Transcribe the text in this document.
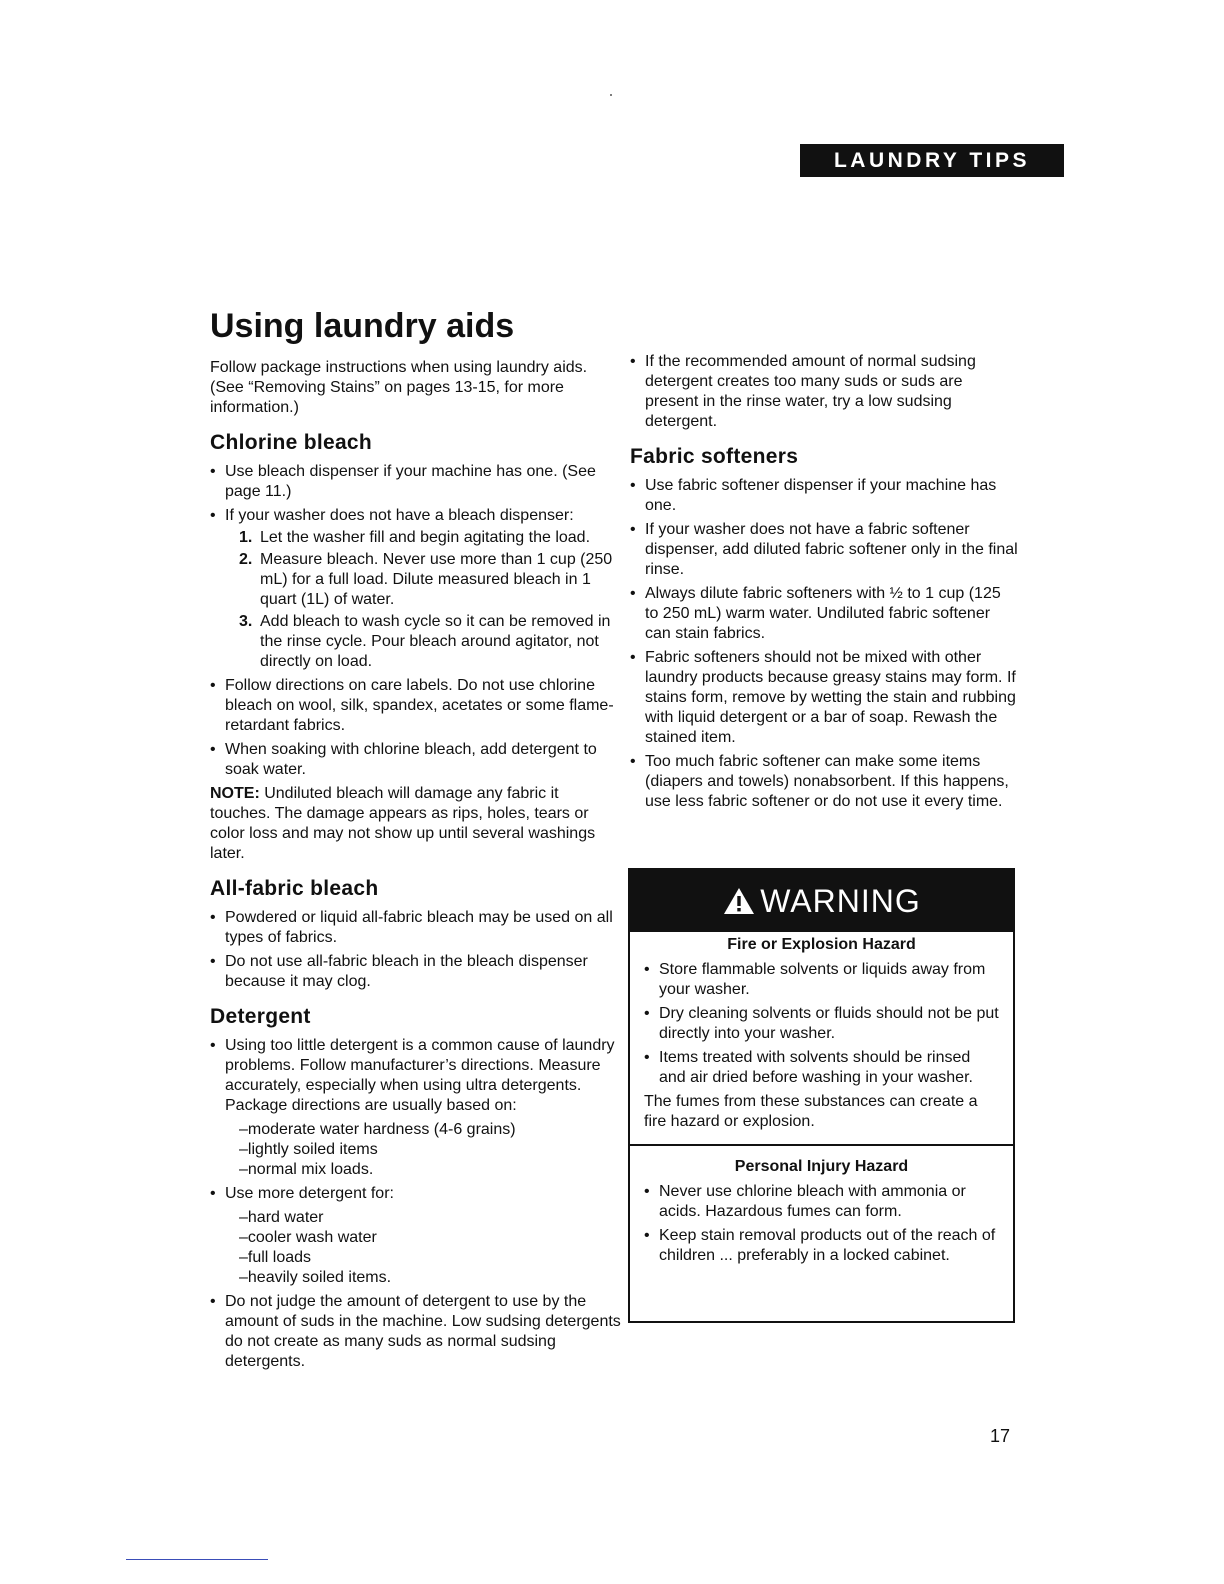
LAUNDRY TIPS
Using laundry aids

Follow package instructions when using laundry aids. (See “Removing Stains” on pages 13-15, for more information.)

Chlorine bleach
• Use bleach dispenser if your machine has one. (See page 11.)
• If your washer does not have a bleach dispenser:
1. Let the washer fill and begin agitating the load.
2. Measure bleach. Never use more than 1 cup (250 mL) for a full load. Dilute measured bleach in 1 quart (1L) of water.
3. Add bleach to wash cycle so it can be removed in the rinse cycle. Pour bleach around agitator, not directly on load.
• Follow directions on care labels. Do not use chlorine bleach on wool, silk, spandex, acetates or some flame-retardant fabrics.
• When soaking with chlorine bleach, add detergent to soak water.

NOTE: Undiluted bleach will damage any fabric it touches. The damage appears as rips, holes, tears or color loss and may not show up until several washings later.

All-fabric bleach
• Powdered or liquid all-fabric bleach may be used on all types of fabrics.
• Do not use all-fabric bleach in the bleach dispenser because it may clog.
Detergent
• Using too little detergent is a common cause of laundry problems. Follow manufacturer’s directions. Measure accurately, especially when using ultra detergents. Package directions are usually based on:
–moderate water hardness (4-6 grains)
–lightly soiled items
–normal mix loads.
• Use more detergent for:
–hard water
–cooler wash water
–full loads
–heavily soiled items.
• Do not judge the amount of detergent to use by the amount of suds in the machine. Low sudsing detergents do not create as many suds as normal sudsing detergents.
• If the recommended amount of normal sudsing detergent creates too many suds or suds are present in the rinse water, try a low sudsing detergent.
Fabric softeners
• Use fabric softener dispenser if your machine has one.
• If your washer does not have a fabric softener dispenser, add diluted fabric softener only in the final rinse.
• Always dilute fabric softeners with ½ to 1 cup (125 to 250 mL) warm water. Undiluted fabric softener can stain fabrics.
• Fabric softeners should not be mixed with other laundry products because greasy stains may form. If stains form, remove by wetting the stain and rubbing with liquid detergent or a bar of soap. Rewash the stained item.
• Too much fabric softener can make some items (diapers and towels) nonabsorbent. If this happens, use less fabric softener or do not use it every time.
WARNING
Fire or Explosion Hazard
• Store flammable solvents or liquids away from your washer.
• Dry cleaning solvents or fluids should not be put directly into your washer.
• Items treated with solvents should be rinsed and air dried before washing in your washer.

The fumes from these substances can create a fire hazard or explosion.

Personal Injury Hazard
• Never use chlorine bleach with ammonia or acids. Hazardous fumes can form.
• Keep stain removal products out of the reach of children ... preferably in a locked cabinet.
17
